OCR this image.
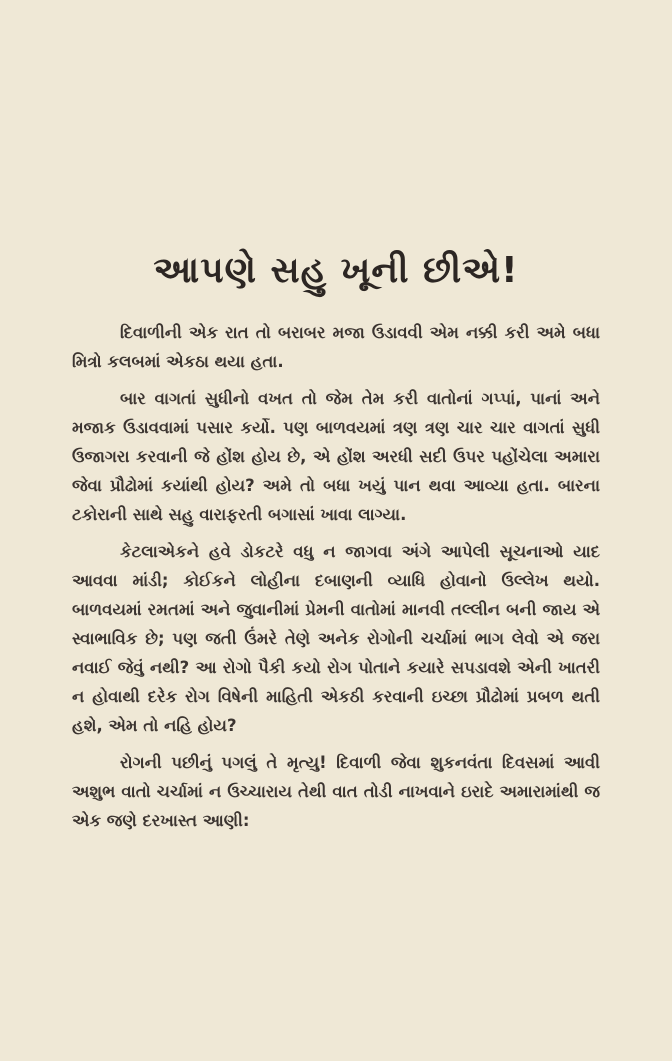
આપણે સહુ ખૂની છીએ!

દિવાળીની એક રાત તો બરાબર મજા ઉડાવવી એમ નક્કી કરી અમે બધા મિત્રો કલબમાં એકઠા થયા હતા.

બાર વાગતાં સુધીનો વખત તો જેમ તેમ કરી વાતોનાં ગપ્પાં, પાનાં અને મજાક ઉડાવવામાં પસાર કર્યો. પણ બાળવયમાં ત્રણ ત્રણ ચાર ચાર વાગતાં સુધી ઉજાગરા કરવાની જે હોંશ હોય છે, એ હોંશ અરધી સદી ઉપર પહોંચેલા અમારા જેવા પ્રૌઢોમાં કયાંથી હોય? અમે તો બધા ખયું પાન થવા આવ્યા હતા. બારના ટકોરાની સાથે સહુ વારાફરતી બગાસાં ખાવા લાગ્યા.

કેટલાએકને હવે ડોકટરે વધુ ન જાગવા અંગે આપેલી સૂચનાઓ યાદ આવવા માંડી; કોઈકને લોહીના દબાણની વ્યાધિ હોવાનો ઉલ્લેખ થયો. બાળવયમાં રમતમાં અને જુવાનીમાં પ્રેમની વાતોમાં માનવી તલ્લીન બની જાય એ સ્વાભાવિક છે; પણ જતી ઉંમરે તેણે અનેક રોગોની ચર્ચામાં ભાગ લેવો એ જરા નવાઈ જેવું નથી? આ રોગો પૈકી કયો રોગ પોતાને કયારે સપડાવશે એની ખાતરી ન હોવાથી દરેક રોગ વિષેની માહિતી એકઠી કરવાની ઇચ્છા પ્રૌઢોમાં પ્રબળ થતી હશે, એમ તો નહિ હોય?

રોગની પછીનું પગલું તે મૃત્યુ! દિવાળી જેવા શુકનવંતા દિવસમાં આવી અશુભ વાતો ચર્ચામાં ન ઉચ્ચારાય તેથી વાત તોડી નાખવાને ઇરાદે અમારામાંથી જ એક જણે દરખાસ્ત આણી:
